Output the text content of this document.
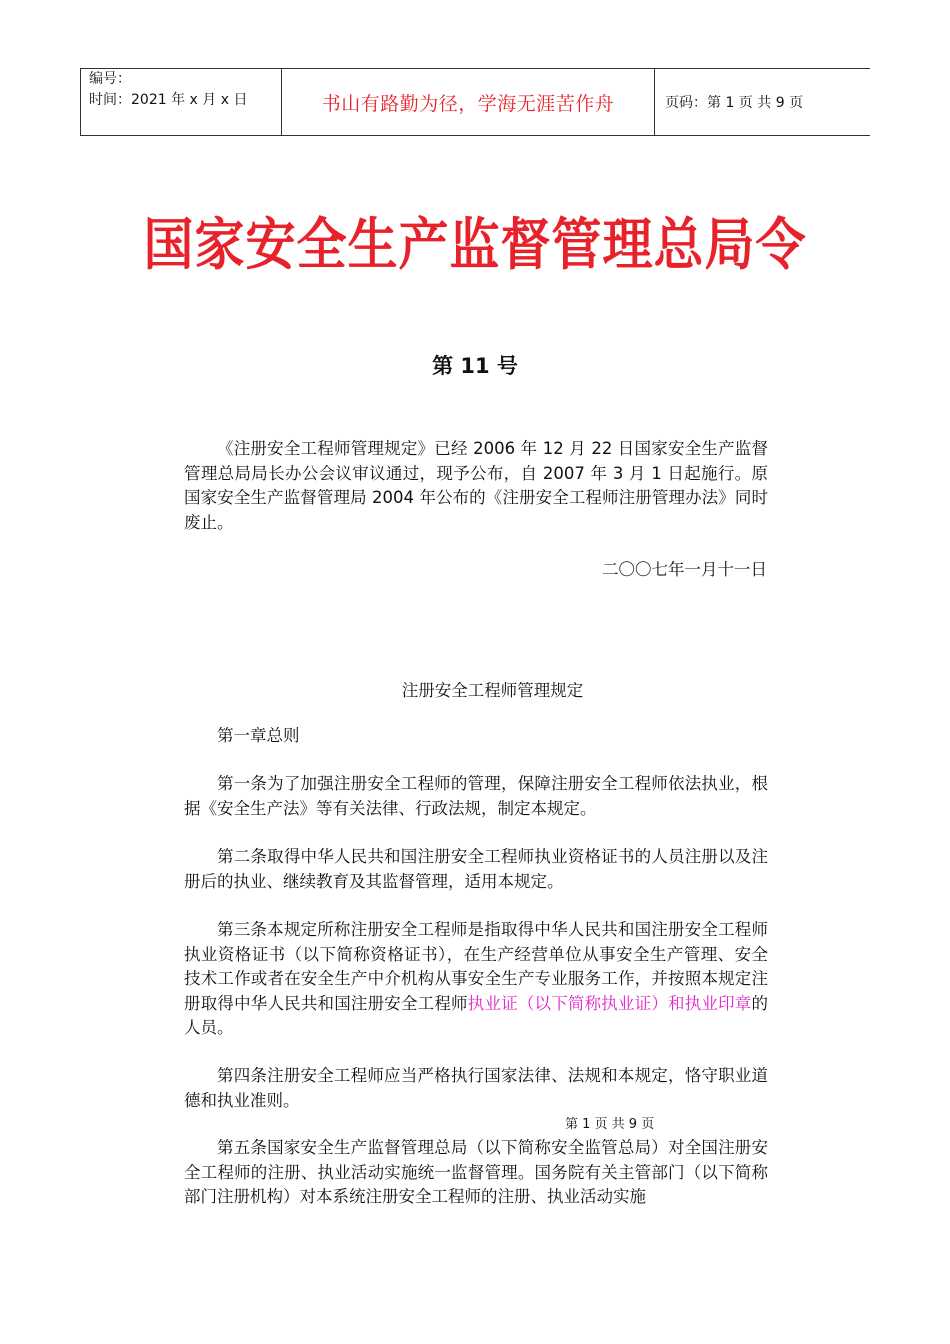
编号：
时间：2021 年 x 月 x 日	书山有路勤为径，学海无涯苦作舟	页码：第 1 页 共 9 页
国家安全生产监督管理总局令
第 11 号

《注册安全工程师管理规定》已经 2006 年 12 月 22 日国家安全生产监督管理总局局长办公会议审议通过，现予公布，自 2007 年 3 月 1 日起施行。原国家安全生产监督管理局 2004 年公布的《注册安全工程师注册管理办法》同时废止。

二〇〇七年一月十一日
注册安全工程师管理规定

第一章总则

第一条为了加强注册安全工程师的管理，保障注册安全工程师依法执业，根据《安全生产法》等有关法律、行政法规，制定本规定。

第二条取得中华人民共和国注册安全工程师执业资格证书的人员注册以及注册后的执业、继续教育及其监督管理，适用本规定。

第三条本规定所称注册安全工程师是指取得中华人民共和国注册安全工程师执业资格证书（以下简称资格证书），在生产经营单位从事安全生产管理、安全技术工作或者在安全生产中介机构从事安全生产专业服务工作，并按照本规定注册取得中华人民共和国注册安全工程师执业证（以下简称执业证）和执业印章的人员。

第四条注册安全工程师应当严格执行国家法律、法规和本规定，恪守职业道德和执业准则。

第 1 页 共 9 页

第五条国家安全生产监督管理总局（以下简称安全监管总局）对全国注册安全工程师的注册、执业活动实施统一监督管理。国务院有关主管部门（以下简称部门注册机构）对本系统注册安全工程师的注册、执业活动实施
